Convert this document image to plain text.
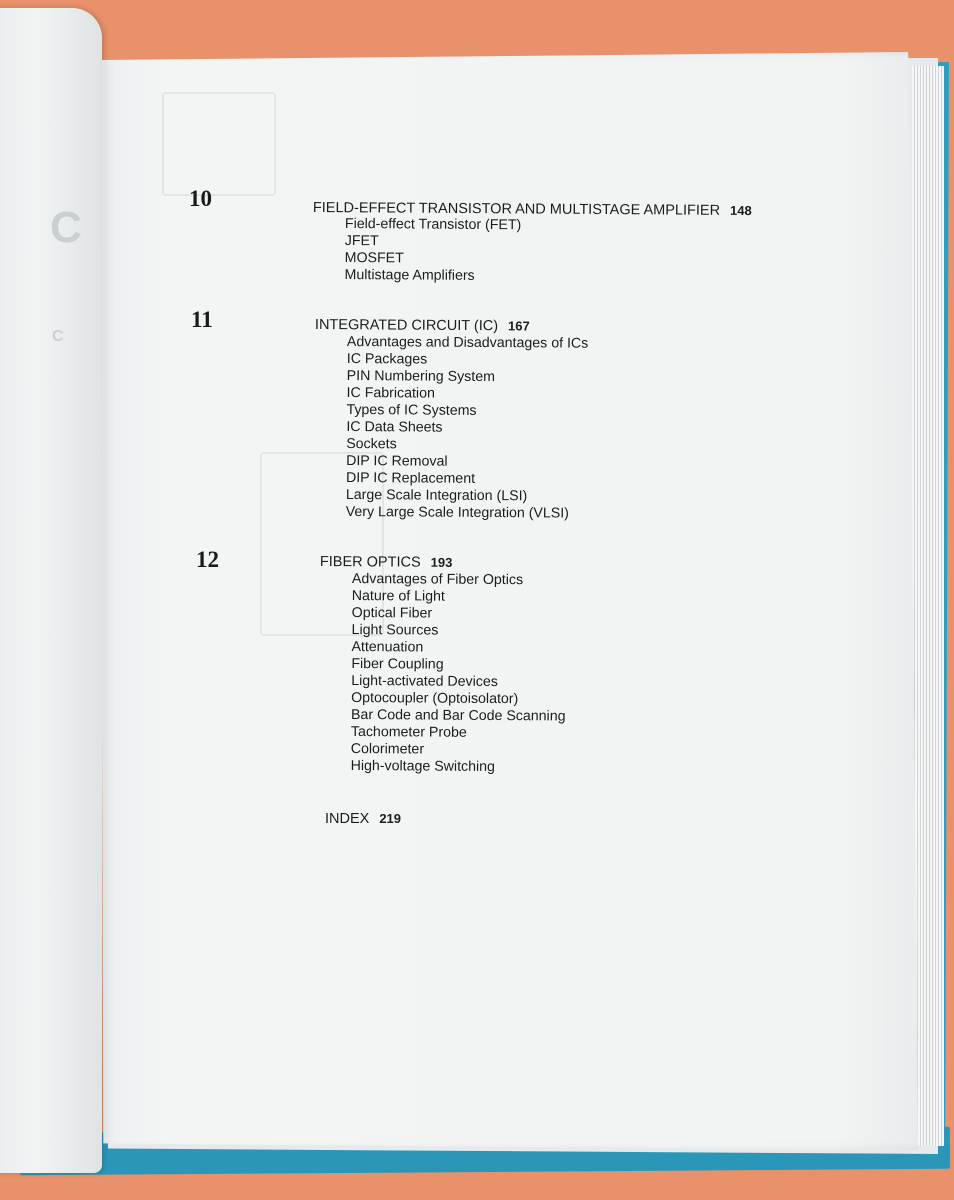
C
C

10	FIELD-EFFECT TRANSISTOR AND MULTISTAGE AMPLIFIER 148
Field-effect Transistor (FET)
JFET
MOSFET
Multistage Amplifiers
11	INTEGRATED CIRCUIT (IC) 167
Advantages and Disadvantages of ICs
IC Packages
PIN Numbering System
IC Fabrication
Types of IC Systems
IC Data Sheets
Sockets
DIP IC Removal
DIP IC Replacement
Large Scale Integration (LSI)
Very Large Scale Integration (VLSI)
12	FIBER OPTICS 193
Advantages of Fiber Optics
Nature of Light
Optical Fiber
Light Sources
Attenuation
Fiber Coupling
Light-activated Devices
Optocoupler (Optoisolator)
Bar Code and Bar Code Scanning
Tachometer Probe
Colorimeter
High-voltage Switching
INDEX 219
